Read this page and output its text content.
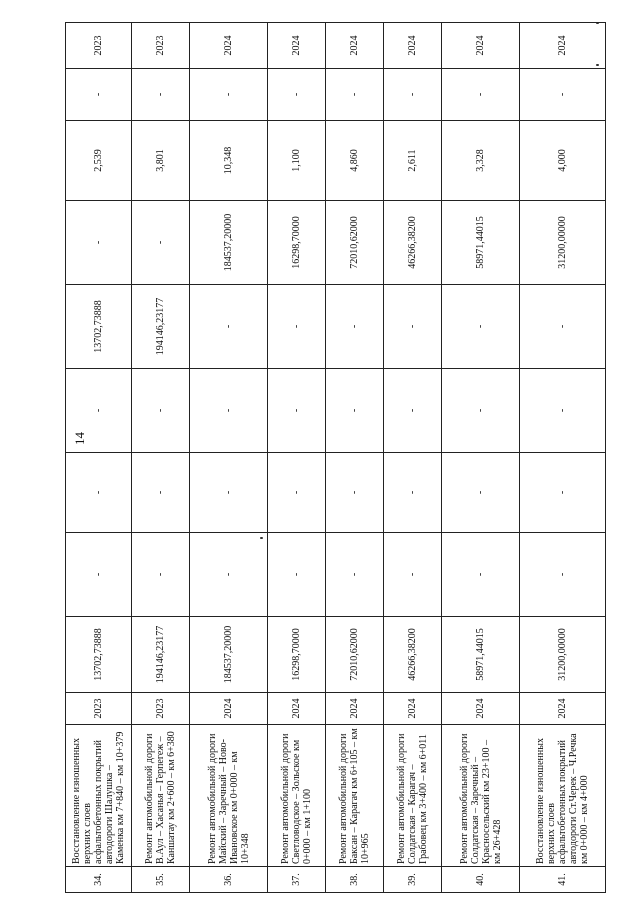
14
34.	Восстановление изношенных верхних слоев асфальтобетонных покрытий автодороги Шалушка – Каменка км 7+840 – км 10+379	2023	13702,73888	-	-	-	13702,73888	-	2,539	-	2023
35.	Ремонт автомобильной дороги В.Аул – Хасанья – Герпегеж – Каншатау км 2+600 – км 6+380	2023	194146,23177	-	-	-	194146,23177	-	3,801	-	2023
36.	Ремонт автомобильной дороги Майский – Заречный – Ново-Ивановское км 0+000 – км 10+348	2024	184537,20000	-	-	-	-	184537,20000	10,348	-	2024
37.	Ремонт автомобильной дороги Светловодское – Зольское км 0+000 – км 1+100	2024	16298,70000	-	-	-	-	16298,70000	1,100	-	2024
38.	Ремонт автомобильной дороги Баксан – Карагач км 6+105 – км 10+965	2024	72010,62000	-	-	-	-	72010,62000	4,860	-	2024
39.	Ремонт автомобильной дороги Солдатская – Карагач – Грабовец км 3+400 – км 6+011	2024	46266,38200	-	-	-	-	46266,38200	2,611	-	2024
40.	Ремонт автомобильной дороги Солдатская – Заречный – Красносельский км 23+100 – км 26+428	2024	58971,44015	-	-	-	-	58971,44015	3,328	-	2024
41.	Восстановление изношенных верхних слоев асфальтобетонных покрытий автодороги Ст.Черек – Ч.Речка км 0+000 – км 4+000	2024	31200,00000	-	-	-	-	31200,00000	4,000	-	2024
